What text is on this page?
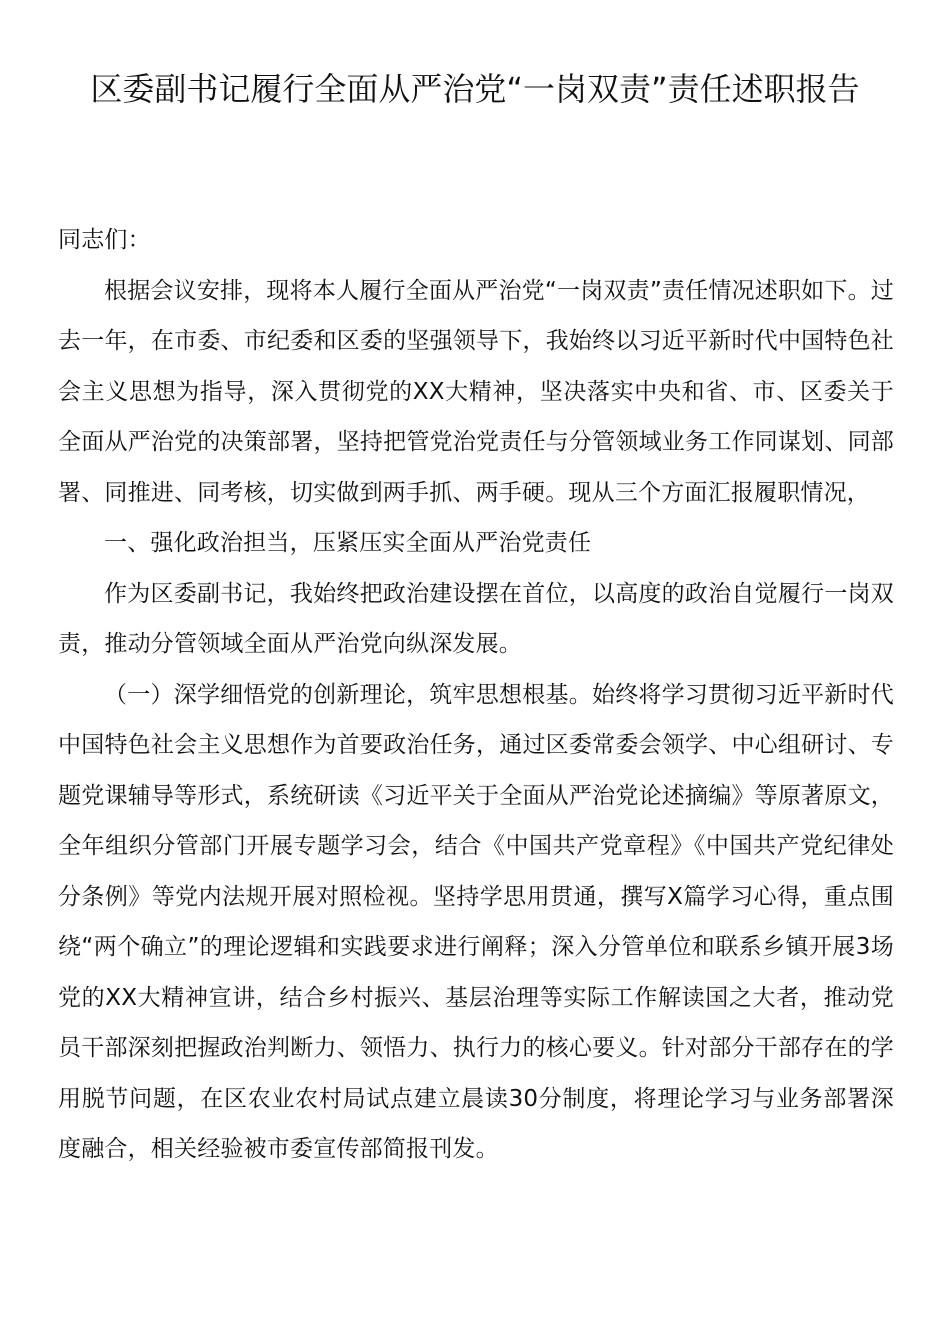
区委副书记履行全面从严治党“一岗双责”责任述职报告

同志们：

根据会议安排，现将本人履行全面从严治党“一岗双责”责任情况述职如下。过去一年，在市委、市纪委和区委的坚强领导下，我始终以习近平新时代中国特色社会主义思想为指导，深入贯彻党的XX大精神，坚决落实中央和省、市、区委关于全面从严治党的决策部署，坚持把管党治党责任与分管领域业务工作同谋划、同部署、同推进、同考核，切实做到两手抓、两手硬。现从三个方面汇报履职情况，

一、强化政治担当，压紧压实全面从严治党责任

作为区委副书记，我始终把政治建设摆在首位，以高度的政治自觉履行一岗双责，推动分管领域全面从严治党向纵深发展。

（一）深学细悟党的创新理论，筑牢思想根基。始终将学习贯彻习近平新时代中国特色社会主义思想作为首要政治任务，通过区委常委会领学、中心组研讨、专题党课辅导等形式，系统研读《习近平关于全面从严治党论述摘编》等原著原文，全年组织分管部门开展专题学习会，结合《中国共产党章程》《中国共产党纪律处分条例》等党内法规开展对照检视。坚持学思用贯通，撰写X篇学习心得，重点围绕“两个确立”的理论逻辑和实践要求进行阐释；深入分管单位和联系乡镇开展3场党的XX大精神宣讲，结合乡村振兴、基层治理等实际工作解读国之大者，推动党员干部深刻把握政治判断力、领悟力、执行力的核心要义。针对部分干部存在的学用脱节问题，在区农业农村局试点建立晨读30分制度，将理论学习与业务部署深度融合，相关经验被市委宣传部简报刊发。
